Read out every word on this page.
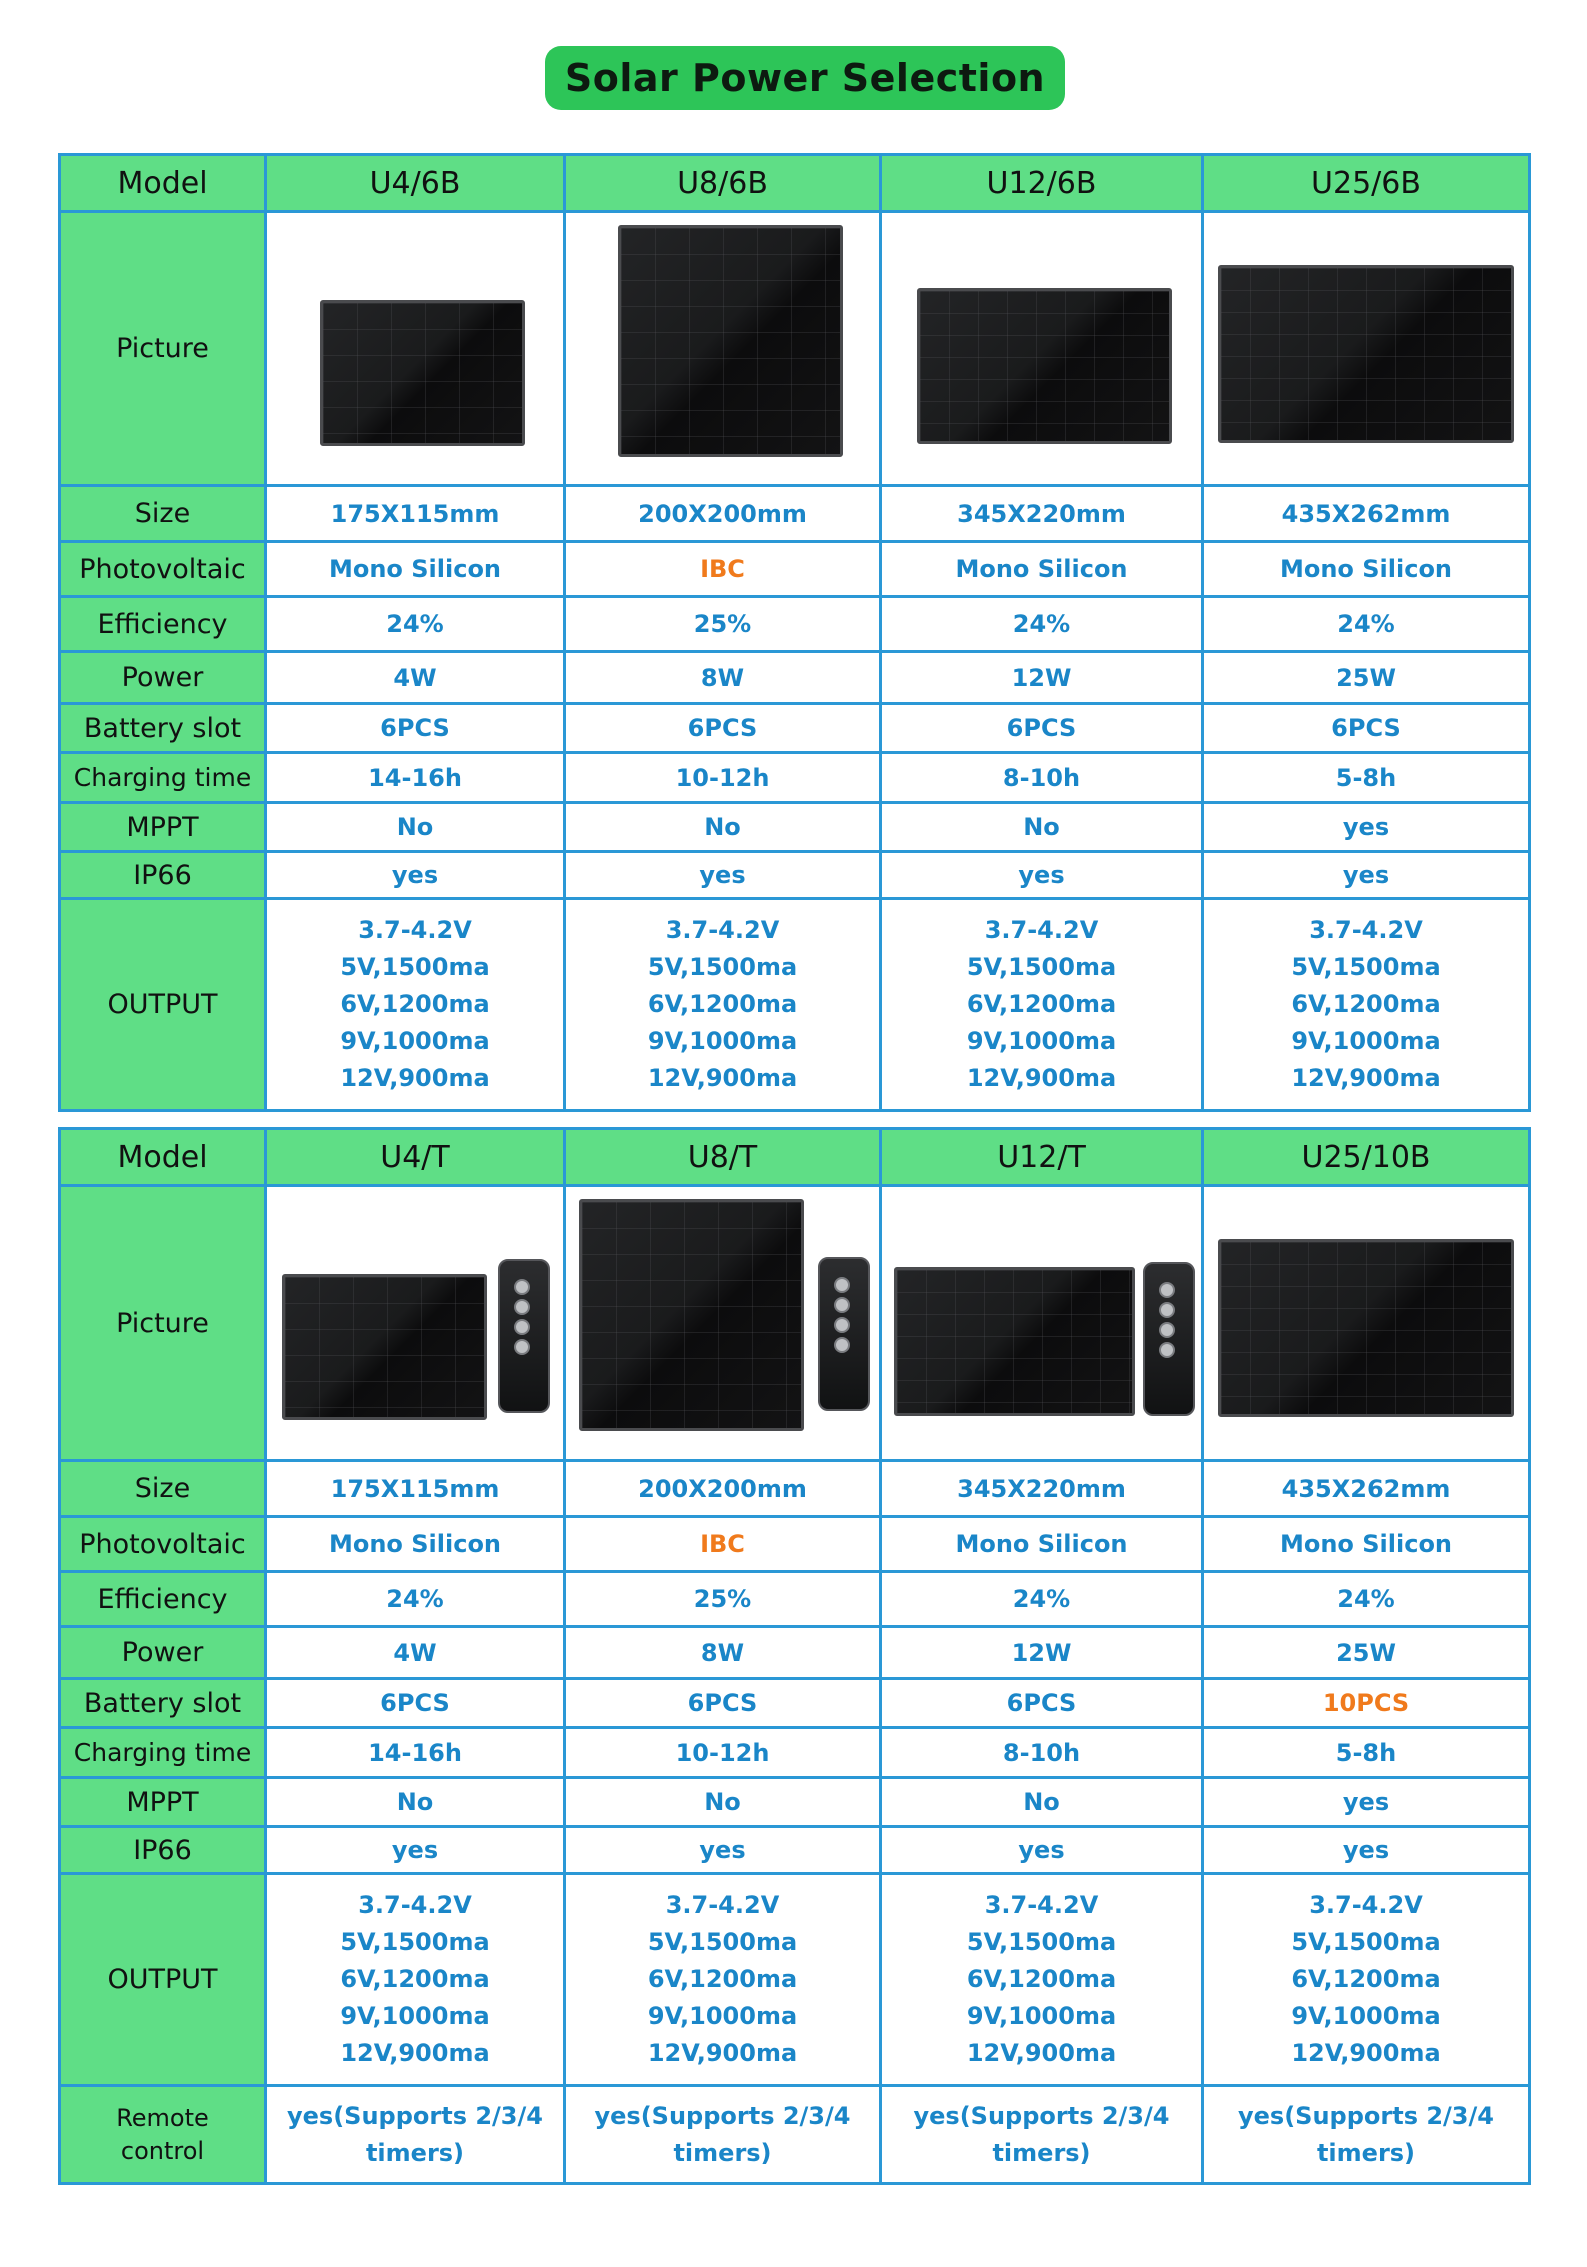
Solar Power Selection
Model	U4/6B	U8/6B	U12/6B	U25/6B
Picture	

Size	175X115mm	200X200mm	345X220mm	435X262mm
Photovoltaic	Mono Silicon	IBC	Mono Silicon	Mono Silicon
Efficiency	24%	25%	24%	24%
Power	4W	8W	12W	25W
Battery slot	6PCS	6PCS	6PCS	6PCS
Charging time	14-16h	10-12h	8-10h	5-8h
MPPT	No	No	No	yes
IP66	yes	yes	yes	yes
OUTPUT	3.7-4.2V
5V,1500ma
6V,1200ma
9V,1000ma
12V,900ma	3.7-4.2V
5V,1500ma
6V,1200ma
9V,1000ma
12V,900ma	3.7-4.2V
5V,1500ma
6V,1200ma
9V,1000ma
12V,900ma	3.7-4.2V
5V,1500ma
6V,1200ma
9V,1000ma
12V,900ma
Model	U4/T	U8/T	U12/T	U25/10B
Picture	

Size	175X115mm	200X200mm	345X220mm	435X262mm
Photovoltaic	Mono Silicon	IBC	Mono Silicon	Mono Silicon
Efficiency	24%	25%	24%	24%
Power	4W	8W	12W	25W
Battery slot	6PCS	6PCS	6PCS	10PCS
Charging time	14-16h	10-12h	8-10h	5-8h
MPPT	No	No	No	yes
IP66	yes	yes	yes	yes
OUTPUT	3.7-4.2V
5V,1500ma
6V,1200ma
9V,1000ma
12V,900ma	3.7-4.2V
5V,1500ma
6V,1200ma
9V,1000ma
12V,900ma	3.7-4.2V
5V,1500ma
6V,1200ma
9V,1000ma
12V,900ma	3.7-4.2V
5V,1500ma
6V,1200ma
9V,1000ma
12V,900ma

Remote
control	yes(Supports 2/3/4
timers)	yes(Supports 2/3/4
timers)	yes(Supports 2/3/4
timers)	yes(Supports 2/3/4
timers)
